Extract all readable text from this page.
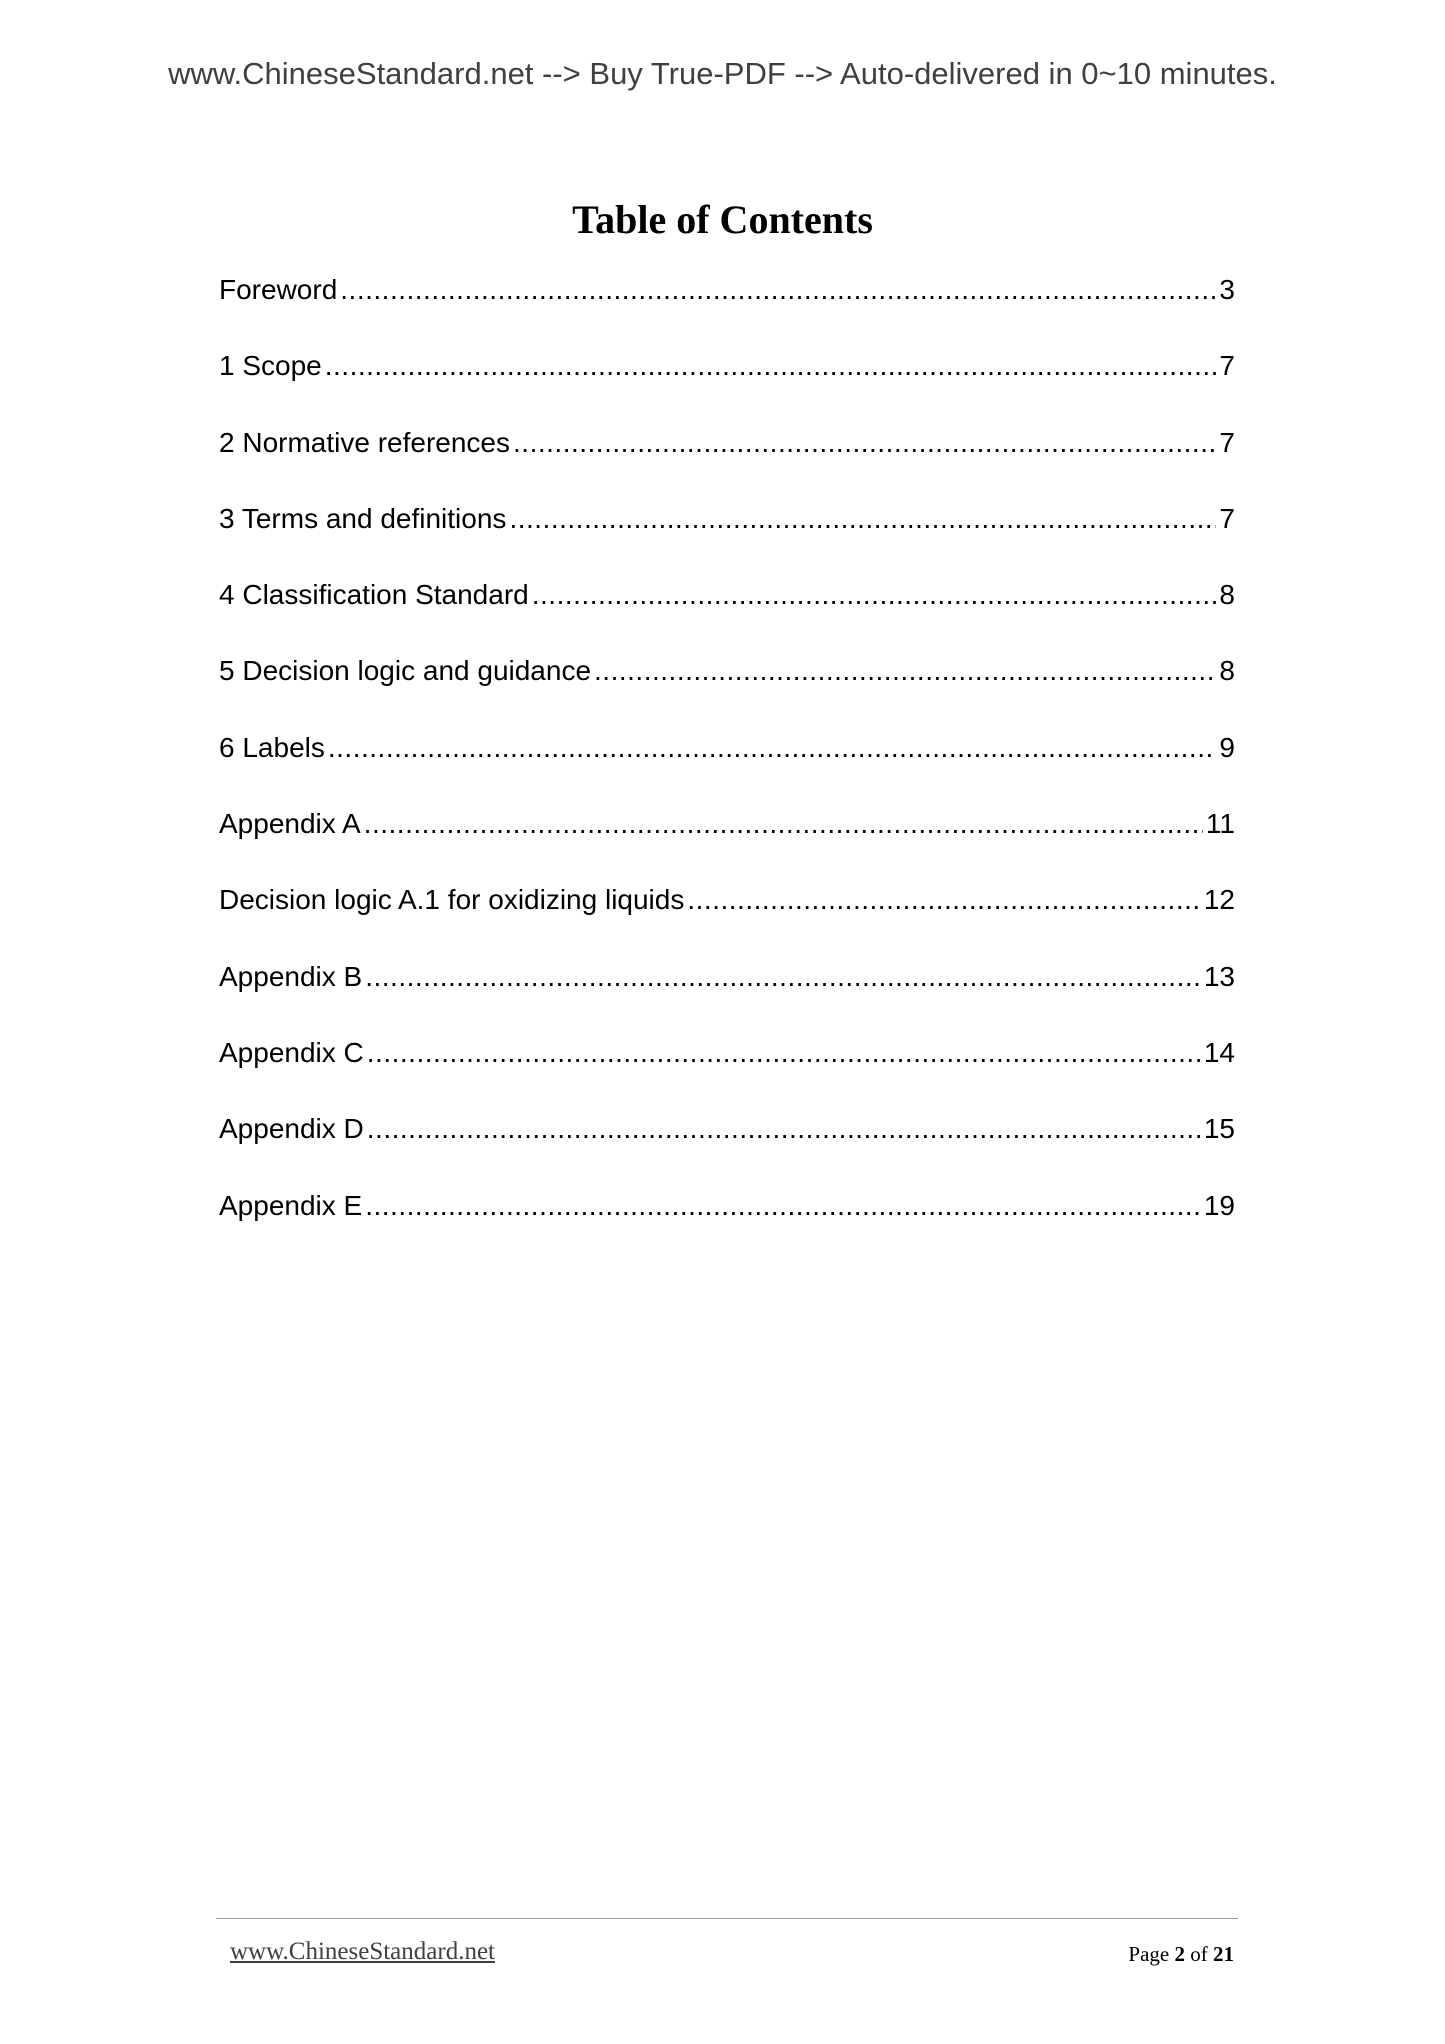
www.ChineseStandard.net --> Buy True-PDF --> Auto-delivered in 0~10 minutes.
Table of Contents
Foreword .....	3
1 Scope .....	7
2 Normative references .....	7
3 Terms and definitions .....	7
4 Classification Standard .....	8
5 Decision logic and guidance .....	8
6 Labels .....	9
Appendix A .....	11
Decision logic A.1 for oxidizing liquids .....	12
Appendix B .....	13
Appendix C .....	14
Appendix D .....	15
Appendix E .....	19
www.ChineseStandard.net	Page 2 of 21
